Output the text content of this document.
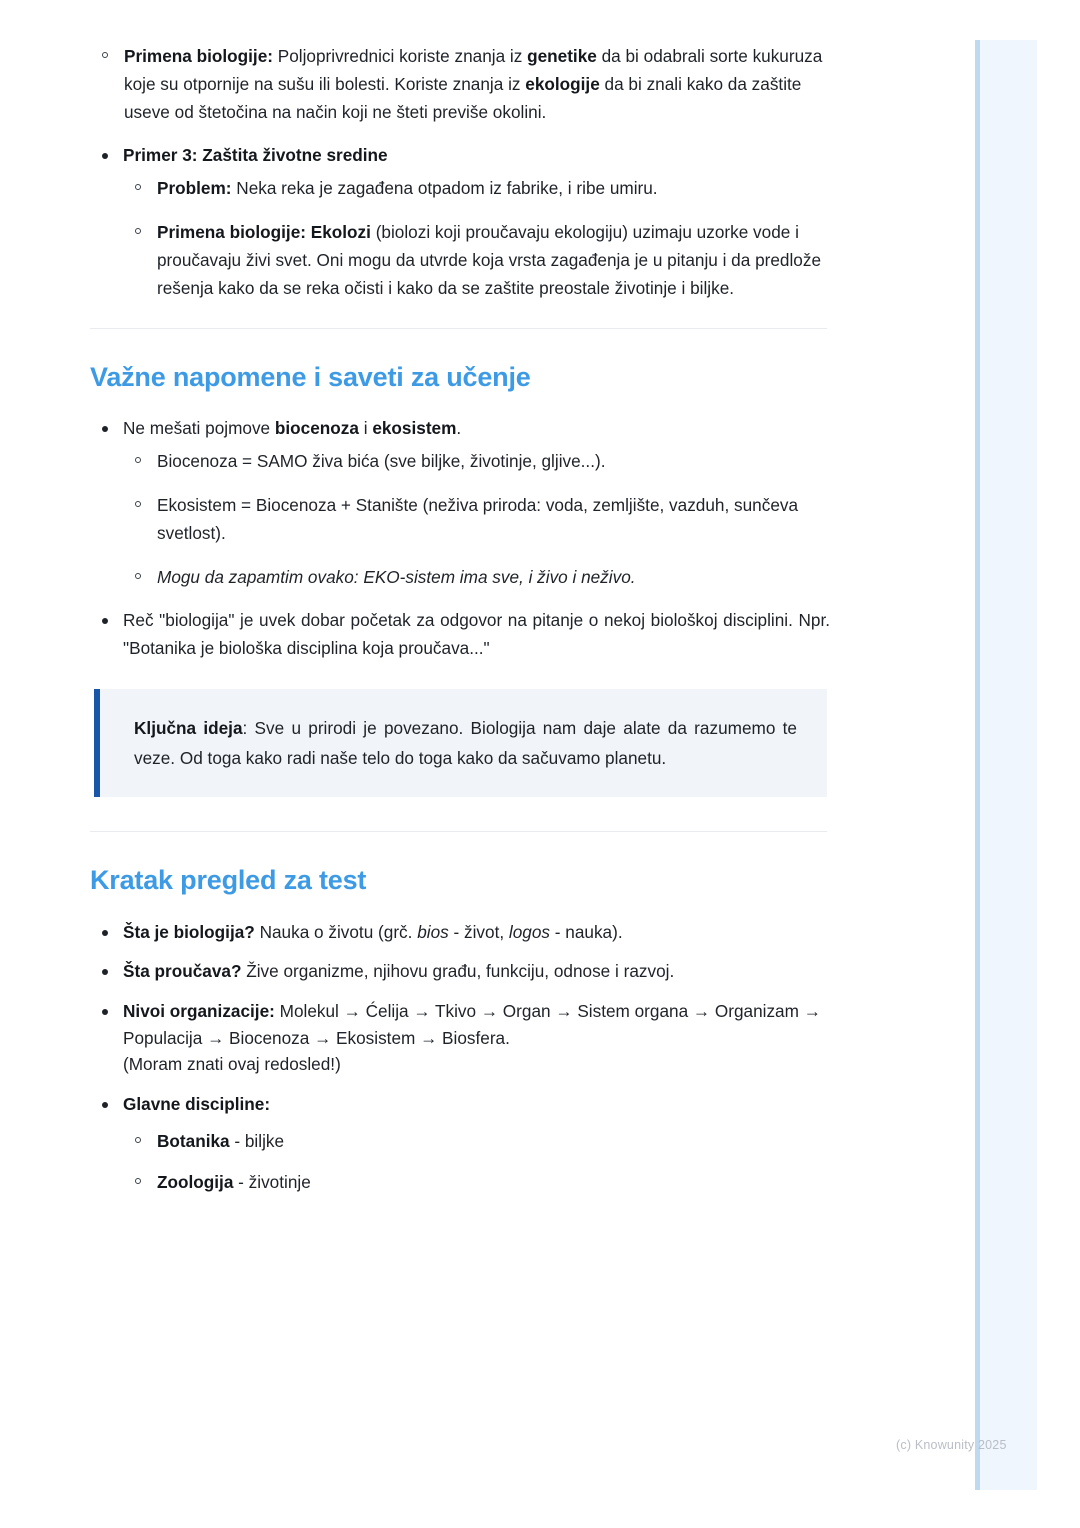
Primena biologije: Poljoprivrednici koriste znanja iz genetike da bi odabrali sorte kukuruza koje su otpornije na sušu ili bolesti. Koriste znanja iz ekologije da bi znali kako da zaštite useve od štetočina na način koji ne šteti previše okolini.
Primer 3: Zaštita životne sredine
Problem: Neka reka je zagađena otpadom iz fabrike, i ribe umiru.
Primena biologije: Ekolozi (biolozi koji proučavaju ekologiju) uzimaju uzorke vode i proučavaju živi svet. Oni mogu da utvrde koja vrsta zagađenja je u pitanju i da predlože rešenja kako da se reka očisti i kako da se zaštite preostale životinje i biljke.
Važne napomene i saveti za učenje
Ne mešati pojmove biocenoza i ekosistem.
Biocenoza = SAMO živa bića (sve biljke, životinje, gljive...).
Ekosistem = Biocenoza + Stanište (neživa priroda: voda, zemljište, vazduh, sunčeva svetlost).
Mogu da zapamtim ovako: EKO-sistem ima sve, i živo i neživo.
Reč "biologija" je uvek dobar početak za odgovor na pitanje o nekoj biološkoj disciplini. Npr. "Botanika je biološka disciplina koja proučava..."
Ključna ideja: Sve u prirodi je povezano. Biologija nam daje alate da razumemo te veze. Od toga kako radi naše telo do toga kako da sačuvamo planetu.
Kratak pregled za test
Šta je biologija? Nauka o životu (grč. bios - život, logos - nauka).
Šta proučava? Žive organizme, njihovu građu, funkciju, odnose i razvoj.
Nivoi organizacije: Molekul → Ćelija → Tkivo → Organ → Sistem organa → Organizam → Populacija → Biocenoza → Ekosistem → Biosfera.
(Moram znati ovaj redosled!)
Glavne discipline:
Botanika - biljke
Zoologija - životinje
(c) Knowunity 2025
